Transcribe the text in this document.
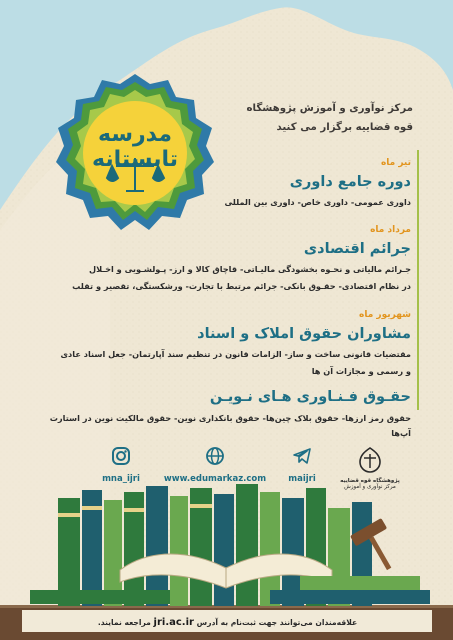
مدرسه تابستانه
مرکز نوآوری و آموزش پژوهشگاه
قوه قضاییه برگزار می کنید
تیر ماه
دوره جامع داوری
داوری عمومی- داوری خاص- داوری بین المللی
مرداد ماه
جرائم اقتصادی
جـرائم مالیاتی و نحـوه بخشودگی مالیـاتی- قاچاق کالا و ارز- پـولشـویی و اخـلال
در نظام اقتصادی- حقـوق بانکی- جرائم مرتبط با تجارت- ورشکستگی، تقصیر و تقلب
شهریور ماه
مشاوران حقوق املاک و اسناد
مقتضیات قانونی ساخت و ساز- الزامات قانون در تنظیم سند آپارتمان- جعل اسناد عادی
و رسمی و مجازات آن ها
حقـوق فـنـاوری هـای نـویـن
حقوق رمز ارزها- حقوق بلاک چین‌ها- حقوق بانکداری نوین- حقوق مالکیت نوین در استارت آپ‌ها
mna_ijri	www.edumarkaz.com	maijri	پژوهشگاه قوه قضاییه
مرکز نوآوری و آموزش
علاقه‌مندان می‌توانند جهت ثبت‌نام به آدرس jri.ac.ir مراجعه نمایند.
